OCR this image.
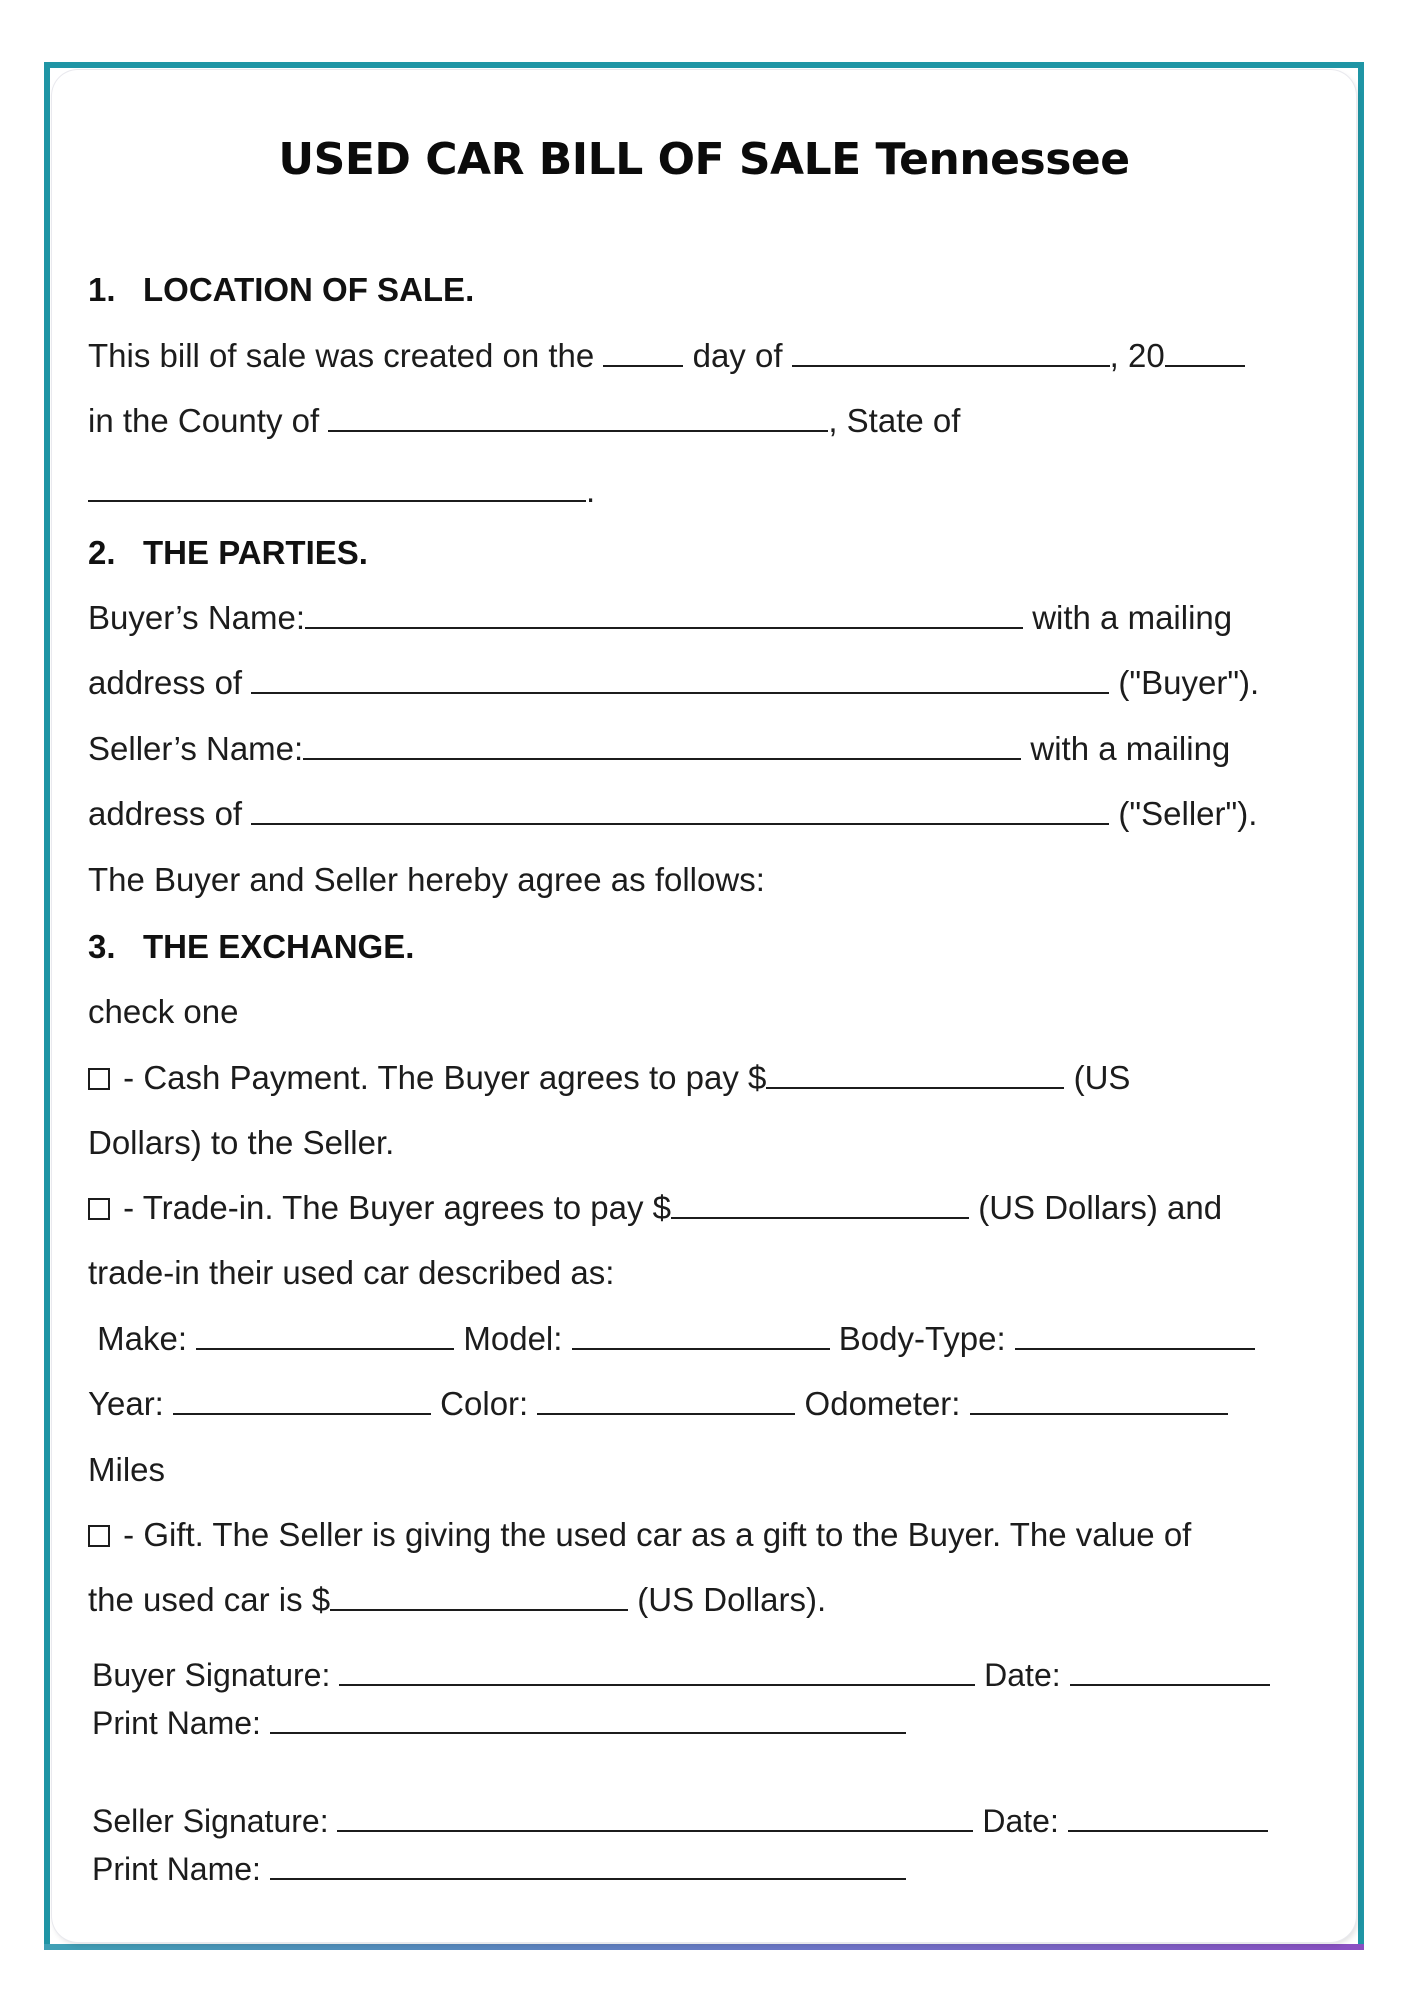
USED CAR BILL OF SALE Tennessee
1.   LOCATION OF SALE.
This bill of sale was created on the  day of	, 20
in the County of	, State of
.
2.   THE PARTIES.
Buyer’s Name:	with a mailing
address of	("Buyer").
Seller’s Name:	with a mailing
address of	("Seller").
The Buyer and Seller hereby agree as follows:
3.   THE EXCHANGE.
check one
- Cash Payment. The Buyer agrees to pay $	(US
Dollars) to the Seller.
- Trade-in. The Buyer agrees to pay $	(US Dollars) and
trade-in their used car described as:
Make:	Model:	Body-Type:
Year:	Color:	Odometer:
Miles
- Gift. The Seller is giving the used car as a gift to the Buyer. The value of
the used car is $	(US Dollars).
Buyer Signature:	Date:
Print Name:
Seller Signature:	Date:
Print Name:
